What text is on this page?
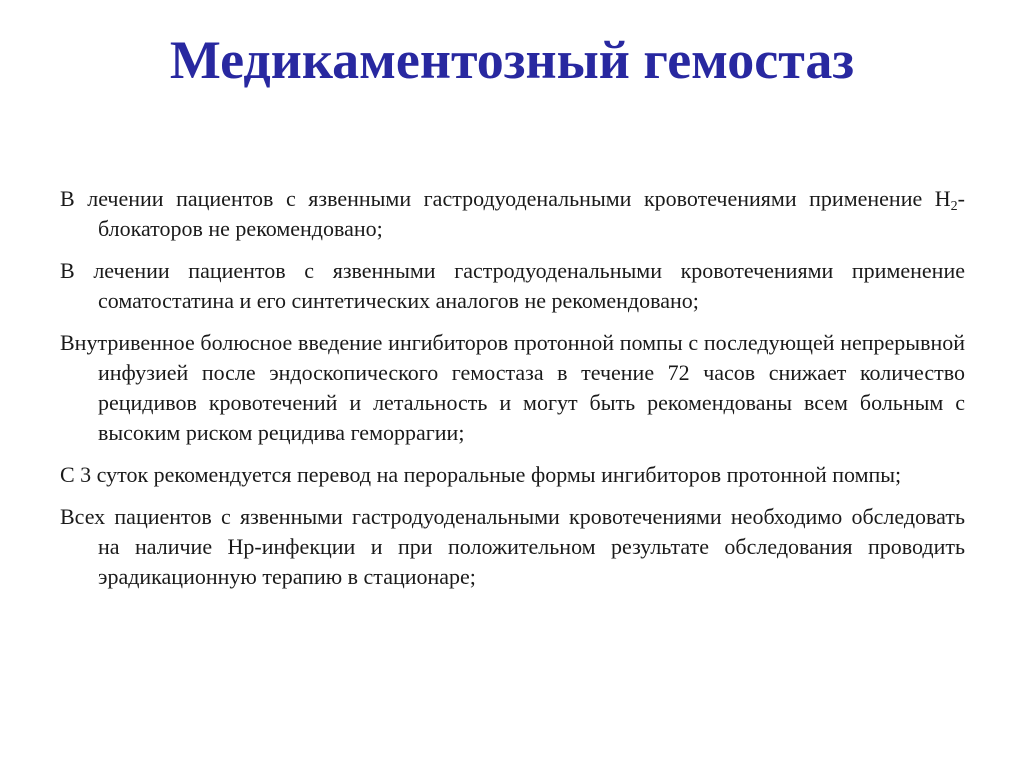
Медикаментозный гемостаз

В лечении пациентов с язвенными гастродуоденальными кровотечениями применение $H_2$-блокаторов не рекомендовано;

В лечении пациентов с язвенными гастродуоденальными кровотечениями применение соматостатина и его синтетических аналогов не рекомендовано;

Внутривенное болюсное введение ингибиторов протонной помпы с последующей непрерывной инфузией после эндоскопического гемостаза в течение 72 часов снижает количество рецидивов кровотечений и летальность и могут быть рекомендованы всем больным с высоким риском рецидива геморрагии;

С 3 суток рекомендуется перевод на пероральные формы ингибиторов протонной помпы;

Всех пациентов с язвенными гастродуоденальными кровотечениями необходимо обследовать на наличие Hp-инфекции и при положительном результате обследования проводить эрадикационную терапию в стационаре;
